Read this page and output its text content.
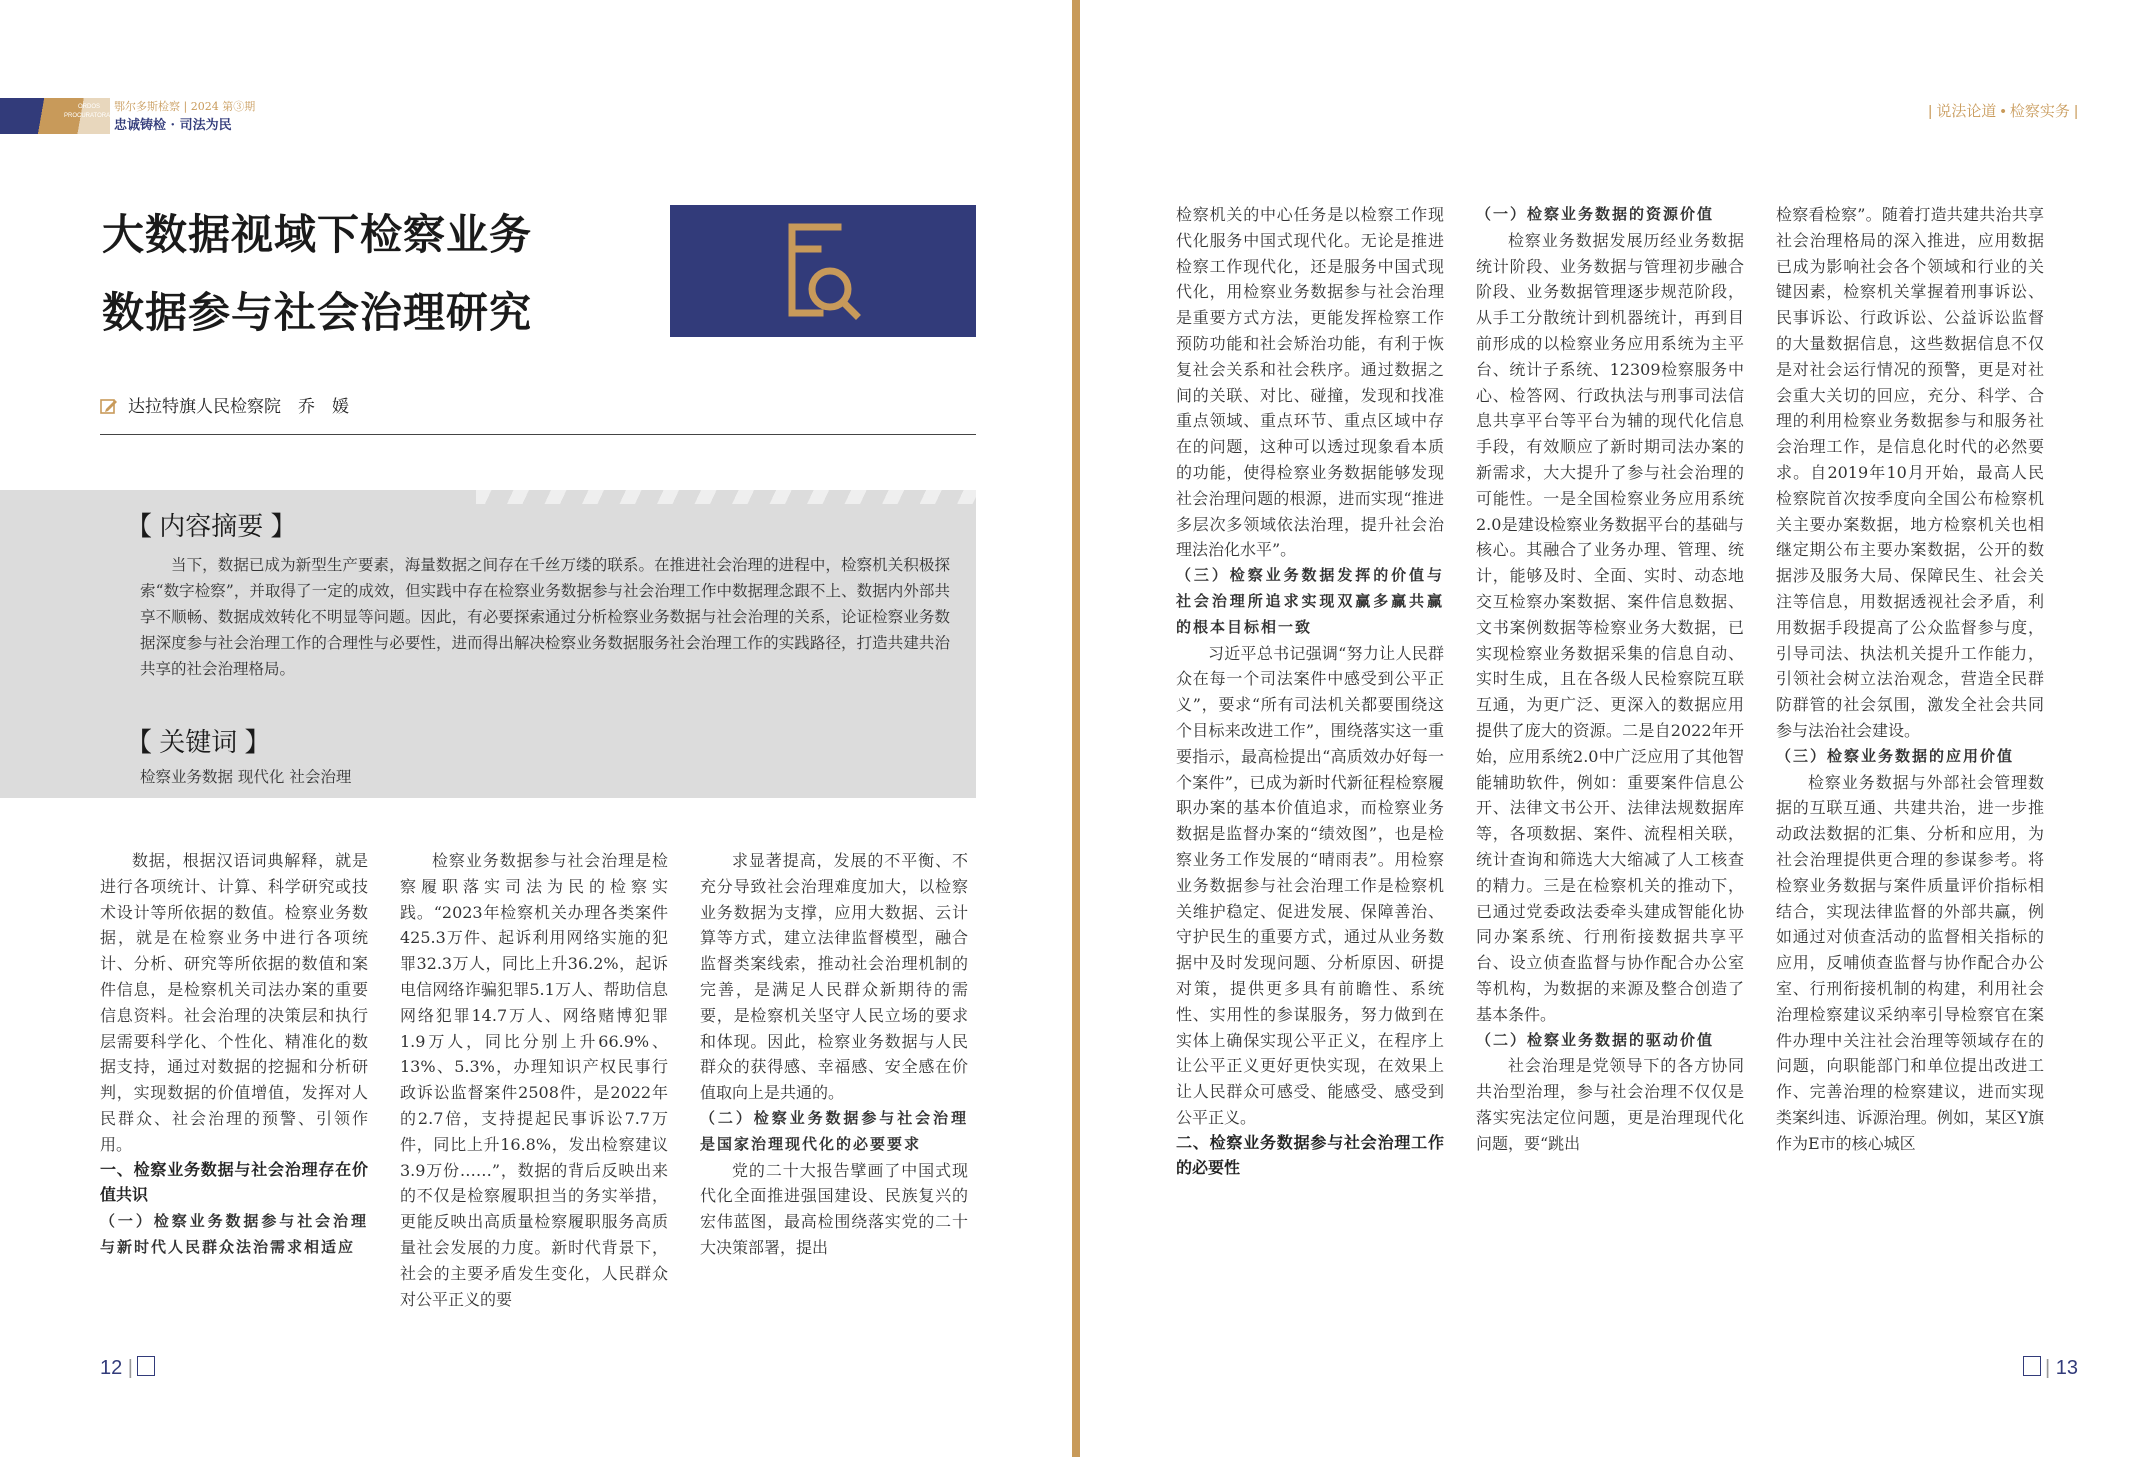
ORDOS PROCURATORATE
鄂尔多斯检察 | 2024 第③期
忠诚铸检 · 司法为民
大数据视域下检察业务
数据参与社会治理研究
达拉特旗人民检察院　乔　媛
【 内容摘要 】
当下，数据已成为新型生产要素，海量数据之间存在千丝万缕的联系。在推进社会治理的进程中，检察机关积极探索“数字检察”，并取得了一定的成效，但实践中存在检察业务数据参与社会治理工作中数据理念跟不上、数据内外部共享不顺畅、数据成效转化不明显等问题。因此，有必要探索通过分析检察业务数据与社会治理的关系，论证检察业务数据深度参与社会治理工作的合理性与必要性，进而得出解决检察业务数据服务社会治理工作的实践路径，打造共建共治共享的社会治理格局。
【 关键词 】
检察业务数据 现代化 社会治理

数据，根据汉语词典解释，就是进行各项统计、计算、科学研究或技术设计等所依据的数值。检察业务数据，就是在检察业务中进行各项统计、分析、研究等所依据的数值和案件信息，是检察机关司法办案的重要信息资料。社会治理的决策层和执行层需要科学化、个性化、精准化的数据支持，通过对数据的挖掘和分析研判，实现数据的价值增值，发挥对人民群众、社会治理的预警、引领作用。

一、检察业务数据与社会治理存在价值共识

（一）检察业务数据参与社会治理与新时代人民群众法治需求相适应

检察业务数据参与社会治理是检察履职落实司法为民的检察实践。“2023年检察机关办理各类案件425.3万件、起诉利用网络实施的犯罪32.3万人，同比上升36.2%，起诉电信网络诈骗犯罪5.1万人、帮助信息网络犯罪14.7万人、网络赌博犯罪1.9万人，同比分别上升66.9%、13%、5.3%，办理知识产权民事行政诉讼监督案件2508件，是2022年的2.7倍，支持提起民事诉讼7.7万件，同比上升16.8%，发出检察建议3.9万份……”，数据的背后反映出来的不仅是检察履职担当的务实举措，更能反映出高质量检察履职服务高质量社会发展的力度。新时代背景下，社会的主要矛盾发生变化，人民群众对公平正义的要

求显著提高，发展的不平衡、不充分导致社会治理难度加大，以检察业务数据为支撑，应用大数据、云计算等方式，建立法律监督模型，融合监督类案线索，推动社会治理机制的完善，是满足人民群众新期待的需要，是检察机关坚守人民立场的要求和体现。因此，检察业务数据与人民群众的获得感、幸福感、安全感在价值取向上是共通的。

（二）检察业务数据参与社会治理是国家治理现代化的必要要求

党的二十大报告擘画了中国式现代化全面推进强国建设、民族复兴的宏伟蓝图，最高检围绕落实党的二十大决策部署，提出

12 |
| 说法论道 • 检察实务 |

检察机关的中心任务是以检察工作现代化服务中国式现代化。无论是推进检察工作现代化，还是服务中国式现代化，用检察业务数据参与社会治理是重要方式方法，更能发挥检察工作预防功能和社会矫治功能，有利于恢复社会关系和社会秩序。通过数据之间的关联、对比、碰撞，发现和找准重点领域、重点环节、重点区域中存在的问题，这种可以透过现象看本质的功能，使得检察业务数据能够发现社会治理问题的根源，进而实现“推进多层次多领域依法治理，提升社会治理法治化水平”。

（三）检察业务数据发挥的价值与社会治理所追求实现双赢多赢共赢的根本目标相一致

习近平总书记强调“努力让人民群众在每一个司法案件中感受到公平正义”，要求“所有司法机关都要围绕这个目标来改进工作”，围绕落实这一重要指示，最高检提出“高质效办好每一个案件”，已成为新时代新征程检察履职办案的基本价值追求，而检察业务数据是监督办案的“绩效图”，也是检察业务工作发展的“晴雨表”。用检察业务数据参与社会治理工作是检察机关维护稳定、促进发展、保障善治、守护民生的重要方式，通过从业务数据中及时发现问题、分析原因、研提对策，提供更多具有前瞻性、系统性、实用性的参谋服务，努力做到在实体上确保实现公平正义，在程序上让公平正义更好更快实现，在效果上让人民群众可感受、能感受、感受到公平正义。

二、检察业务数据参与社会治理工作的必要性

（一）检察业务数据的资源价值

检察业务数据发展历经业务数据统计阶段、业务数据与管理初步融合阶段、业务数据管理逐步规范阶段，从手工分散统计到机器统计，再到目前形成的以检察业务应用系统为主平台、统计子系统、12309检察服务中心、检答网、行政执法与刑事司法信息共享平台等平台为辅的现代化信息手段，有效顺应了新时期司法办案的新需求，大大提升了参与社会治理的可能性。一是全国检察业务应用系统2.0是建设检察业务数据平台的基础与核心。其融合了业务办理、管理、统计，能够及时、全面、实时、动态地交互检察办案数据、案件信息数据、文书案例数据等检察业务大数据，已实现检察业务数据采集的信息自动、实时生成，且在各级人民检察院互联互通，为更广泛、更深入的数据应用提供了庞大的资源。二是自2022年开始，应用系统2.0中广泛应用了其他智能辅助软件，例如：重要案件信息公开、法律文书公开、法律法规数据库等，各项数据、案件、流程相关联，统计查询和筛选大大缩减了人工核查的精力。三是在检察机关的推动下，已通过党委政法委牵头建成智能化协同办案系统、行刑衔接数据共享平台、设立侦查监督与协作配合办公室等机构，为数据的来源及整合创造了基本条件。

（二）检察业务数据的驱动价值

社会治理是党领导下的各方协同共治型治理，参与社会治理不仅仅是落实宪法定位问题，更是治理现代化问题，要“跳出

检察看检察”。随着打造共建共治共享社会治理格局的深入推进，应用数据已成为影响社会各个领域和行业的关键因素，检察机关掌握着刑事诉讼、民事诉讼、行政诉讼、公益诉讼监督的大量数据信息，这些数据信息不仅是对社会运行情况的预警，更是对社会重大关切的回应，充分、科学、合理的利用检察业务数据参与和服务社会治理工作，是信息化时代的必然要求。自2019年10月开始，最高人民检察院首次按季度向全国公布检察机关主要办案数据，地方检察机关也相继定期公布主要办案数据，公开的数据涉及服务大局、保障民生、社会关注等信息，用数据透视社会矛盾，利用数据手段提高了公众监督参与度，引导司法、执法机关提升工作能力，引领社会树立法治观念，营造全民群防群管的社会氛围，激发全社会共同参与法治社会建设。

（三）检察业务数据的应用价值

检察业务数据与外部社会管理数据的互联互通、共建共治，进一步推动政法数据的汇集、分析和应用，为社会治理提供更合理的参谋参考。将检察业务数据与案件质量评价指标相结合，实现法律监督的外部共赢，例如通过对侦查活动的监督相关指标的应用，反哺侦查监督与协作配合办公室、行刑衔接机制的构建，利用社会治理检察建议采纳率引导检察官在案件办理中关注社会治理等领域存在的问题，向职能部门和单位提出改进工作、完善治理的检察建议，进而实现类案纠违、诉源治理。例如，某区Y旗作为E市的核心城区

| 13
